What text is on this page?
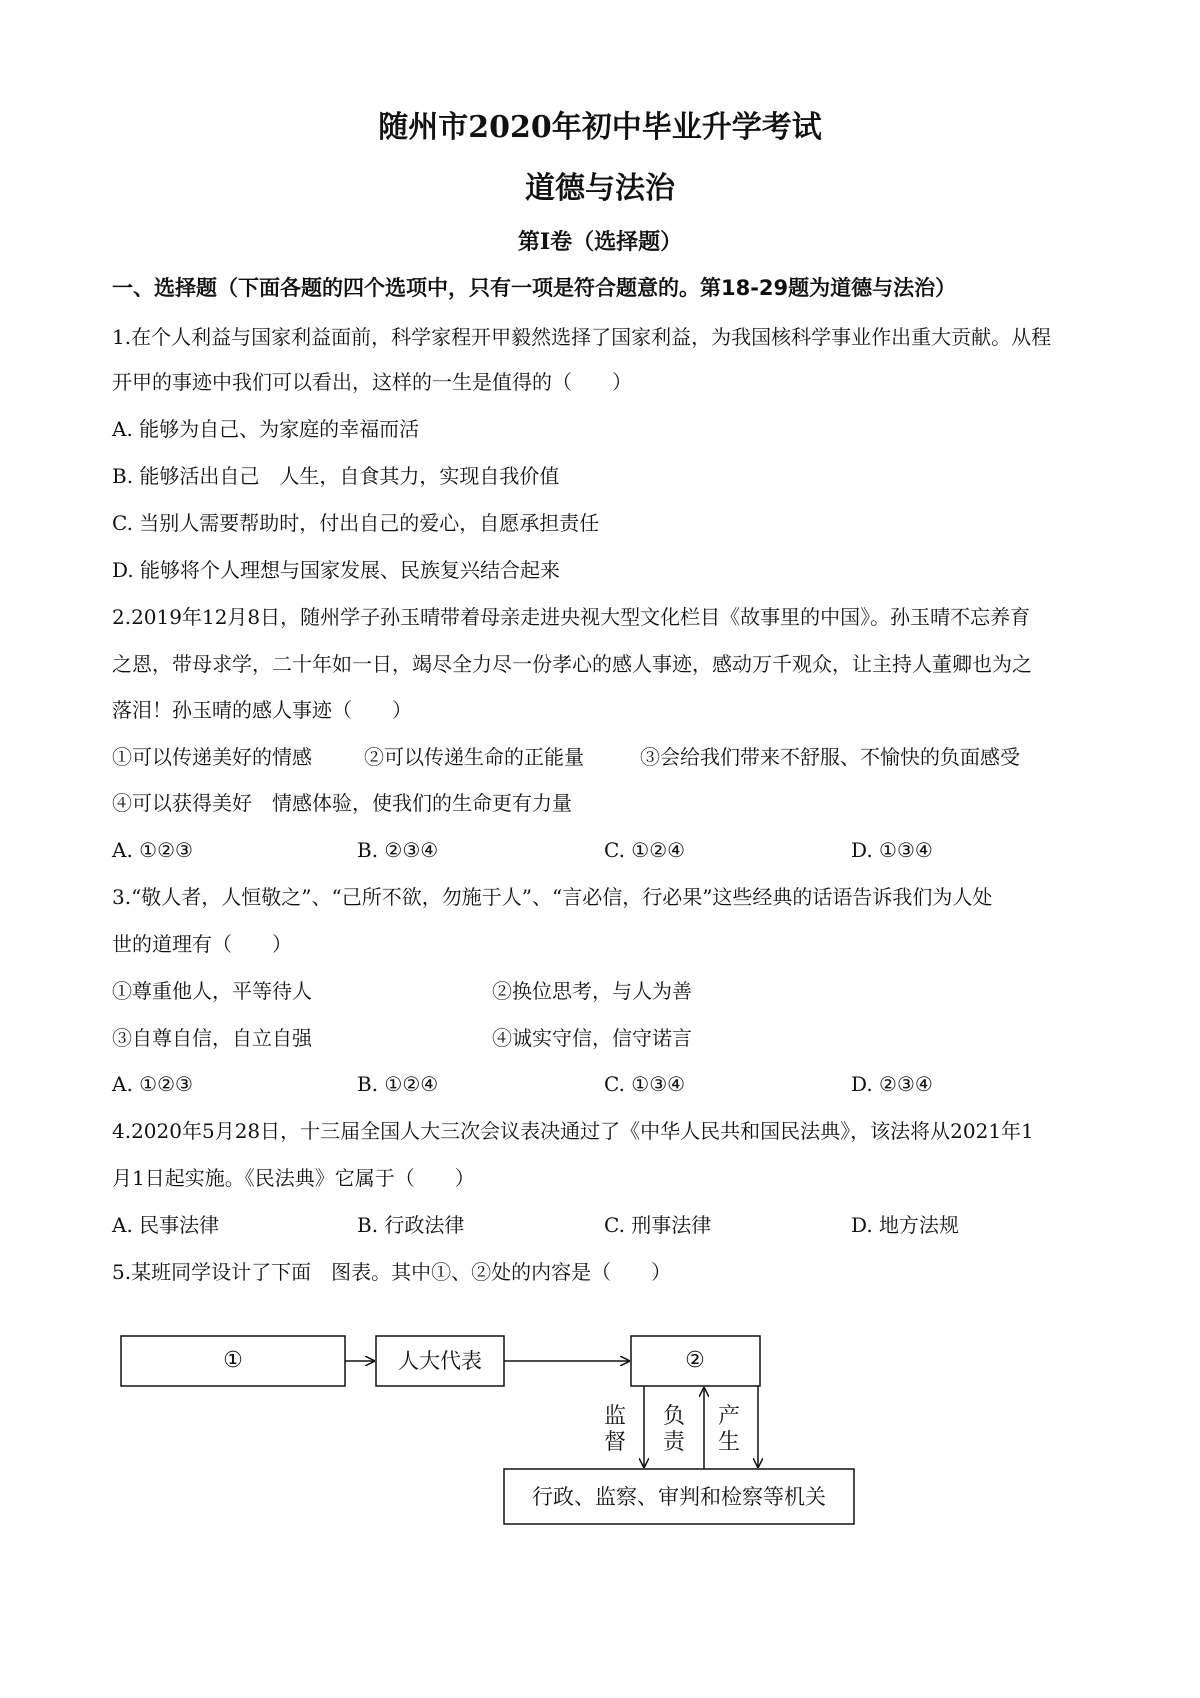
随州市2020年初中毕业升学考试
道德与法治
第Ⅰ卷（选择题）
一、选择题（下面各题的四个选项中，只有一项是符合题意的。第18-29题为道德与法治）
1.在个人利益与国家利益面前，科学家程开甲毅然选择了国家利益，为我国核科学事业作出重大贡献。从程
开甲的事迹中我们可以看出，这样的一生是值得的（　　）
A. 能够为自己、为家庭的幸福而活
B. 能够活出自己　人生，自食其力，实现自我价值
C. 当别人需要帮助时，付出自己的爱心，自愿承担责任
D. 能够将个人理想与国家发展、民族复兴结合起来
2.2019年12月8日，随州学子孙玉晴带着母亲走进央视大型文化栏目《故事里的中国》。孙玉晴不忘养育
之恩，带母求学，二十年如一日，竭尽全力尽一份孝心的感人事迹，感动万千观众，让主持人董卿也为之
落泪！孙玉晴的感人事迹（　　）
①可以传递美好的情感	②可以传递生命的正能量	③会给我们带来不舒服、不愉快的负面感受
④可以获得美好　情感体验，使我们的生命更有力量
A. ①②③	B. ②③④	C. ①②④	D. ①③④
3.“敬人者，人恒敬之”、“己所不欲，勿施于人”、“言必信，行必果”这些经典的话语告诉我们为人处
世的道理有（　　）
①尊重他人，平等待人	②换位思考，与人为善
③自尊自信，自立自强	④诚实守信，信守诺言
A. ①②③	B. ①②④	C. ①③④	D. ②③④
4.2020年5月28日，十三届全国人大三次会议表决通过了《中华人民共和国民法典》，该法将从2021年1
月1日起实施。《民法典》它属于（　　）
A. 民事法律	B. 行政法律	C. 刑事法律	D. 地方法规
5.某班同学设计了下面　图表。其中①、②处的内容是（　　）
①	人大代表	②
行政、监察、审判和检察等机关
监
督
负
责
产
生
